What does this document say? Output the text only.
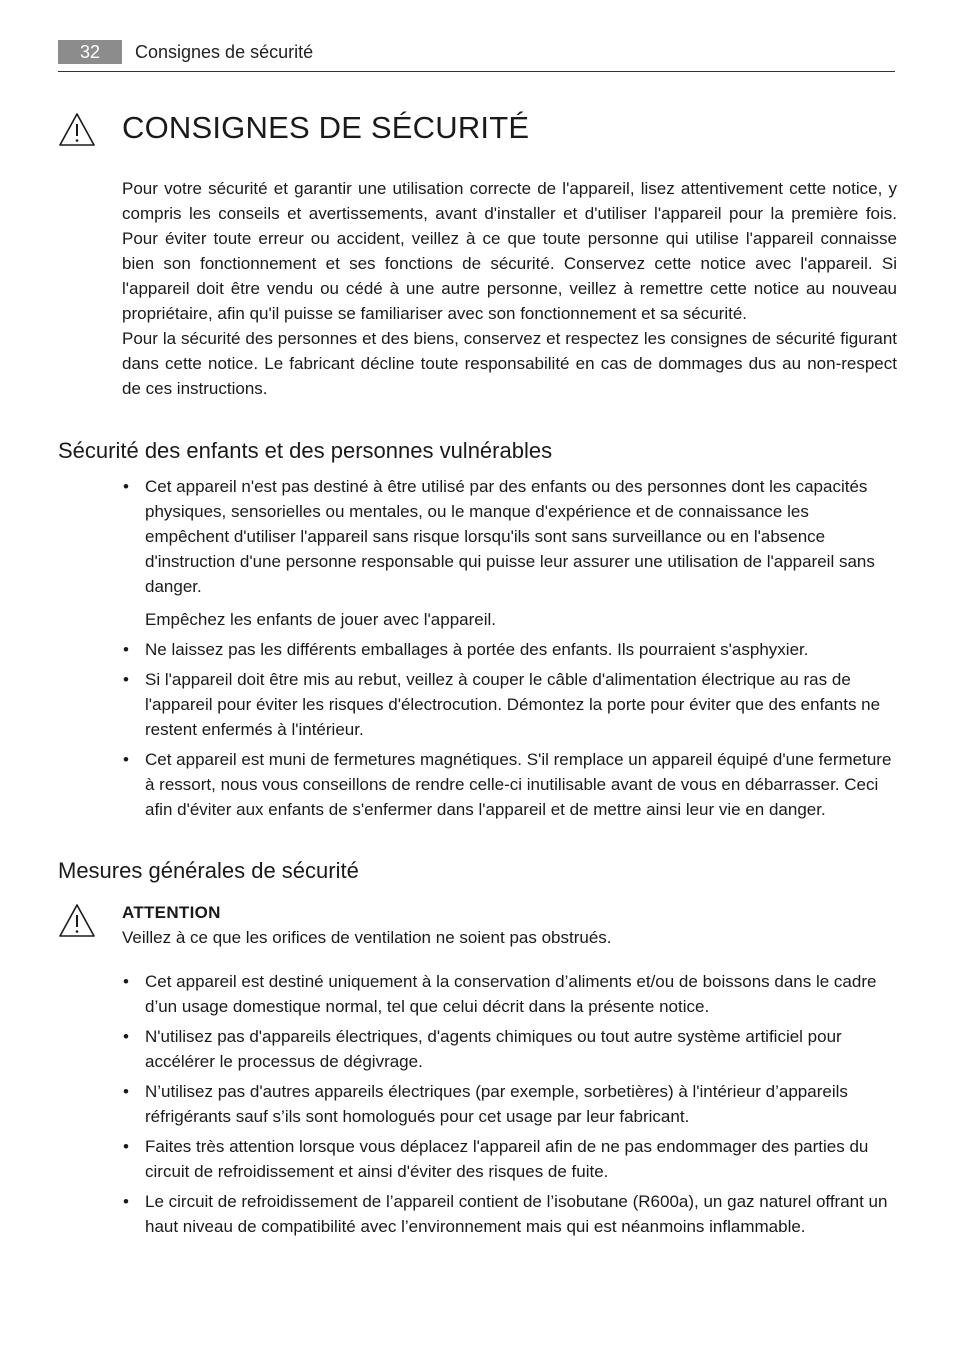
32	Consignes de sécurité
CONSIGNES DE SÉCURITÉ

Pour votre sécurité et garantir une utilisation correcte de l'appareil, lisez attentivement cette notice, y compris les conseils et avertissements, avant d'installer et d'utiliser l'appareil pour la première fois. Pour éviter toute erreur ou accident, veillez à ce que toute personne qui utilise l'appareil connaisse bien son fonctionnement et ses fonctions de sécurité. Conservez cette notice avec l'appareil. Si l'appareil doit être vendu ou cédé à une autre personne, veillez à remettre cette notice au nouveau propriétaire, afin qu'il puisse se familiariser avec son fonctionnement et sa sécurité.

Pour la sécurité des personnes et des biens, conservez et respectez les consignes de sécurité figurant dans cette notice. Le fabricant décline toute responsabilité en cas de dommages dus au non-respect de ces instructions.

Sécurité des enfants et des personnes vulnérables
• Cet appareil n'est pas destiné à être utilisé par des enfants ou des personnes dont les capacités physiques, sensorielles ou mentales, ou le manque d'expérience et de connaissance les empêchent d'utiliser l'appareil sans risque lorsqu'ils sont sans surveillance ou en l'absence d'instruction d'une personne responsable qui puisse leur assurer une utilisation de l'appareil sans danger.

Empêchez les enfants de jouer avec l'appareil.

• Ne laissez pas les différents emballages à portée des enfants. Ils pourraient s'asphyxier.
• Si l'appareil doit être mis au rebut, veillez à couper le câble d'alimentation électrique au ras de l'appareil pour éviter les risques d'électrocution. Démontez la porte pour éviter que des enfants ne restent enfermés à l'intérieur.
• Cet appareil est muni de fermetures magnétiques. S'il remplace un appareil équipé d'une fermeture à ressort, nous vous conseillons de rendre celle-ci inutilisable avant de vous en débarrasser. Ceci afin d'éviter aux enfants de s'enfermer dans l'appareil et de mettre ainsi leur vie en danger.
Mesures générales de sécurité
ATTENTION
Veillez à ce que les orifices de ventilation ne soient pas obstrués.
• Cet appareil est destiné uniquement à la conservation d’aliments et/ou de boissons dans le cadre d’un usage domestique normal, tel que celui décrit dans la présente notice.
• N'utilisez pas d'appareils électriques, d'agents chimiques ou tout autre système artificiel pour accélérer le processus de dégivrage.
• N’utilisez pas d'autres appareils électriques (par exemple, sorbetières) à l'intérieur d’appareils réfrigérants sauf s’ils sont homologués pour cet usage par leur fabricant.
• Faites très attention lorsque vous déplacez l'appareil afin de ne pas endommager des parties du circuit de refroidissement et ainsi d'éviter des risques de fuite.
• Le circuit de refroidissement de l’appareil contient de l’isobutane (R600a), un gaz naturel offrant un haut niveau de compatibilité avec l’environnement mais qui est néanmoins inflammable.
